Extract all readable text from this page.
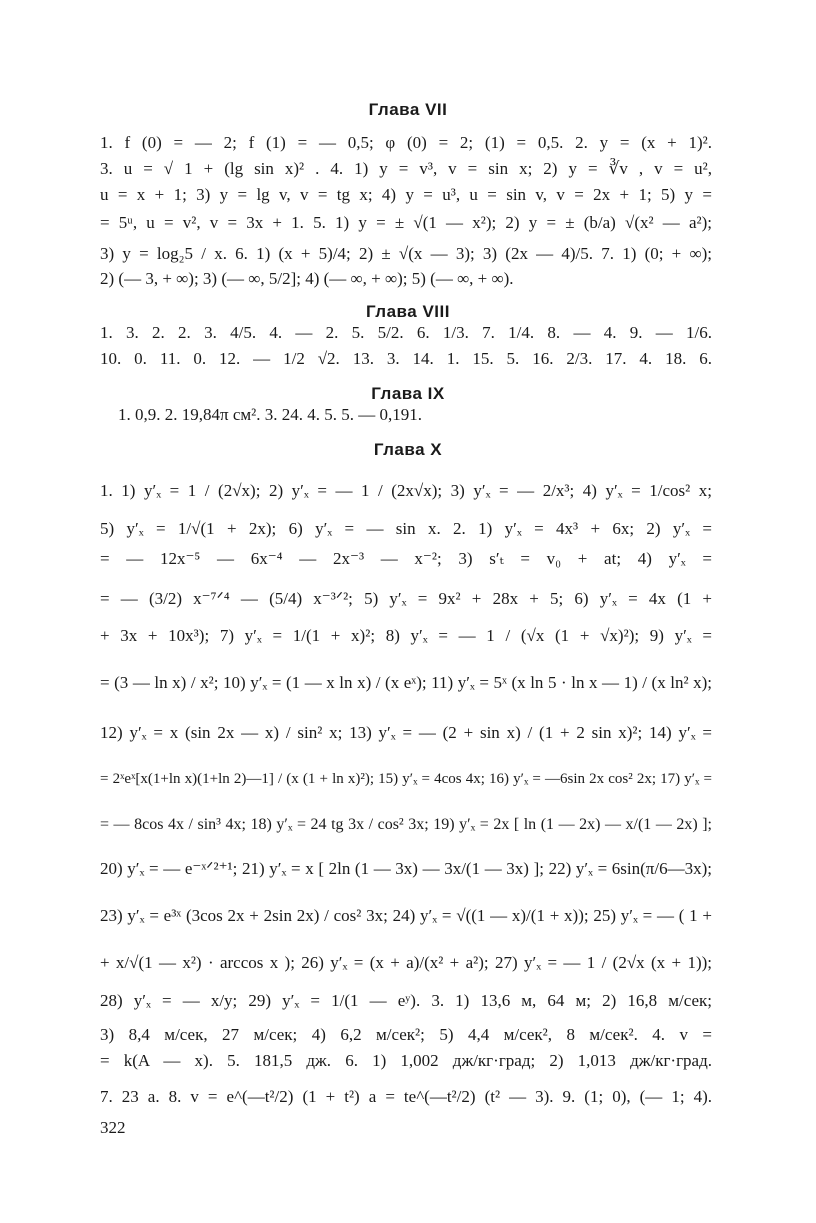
Глава VII
1. f (0) = — 2; f (1) = — 0,5; φ (0) = 2; (1) = 0,5. 2. y = (x + 1)².
3. u = √ 1 + (lg sin x)² . 4. 1) y = v³, v = sin x; 2) y = ∛v , v = u²,
u = x + 1; 3) y = lg v, v = tg x; 4) y = u³, u = sin v, v = 2x + 1; 5) y =
= 5ᵘ, u = v², v = 3x + 1. 5. 1) y = ± √(1 — x²); 2) y = ± (b/a) √(x² — a²);
3) y = log₂5 / x. 6. 1) (x + 5)/4; 2) ± √(x — 3); 3) (2x — 4)/5. 7. 1) (0; + ∞);
2) (— 3, + ∞); 3) (— ∞, 5/2]; 4) (— ∞, + ∞); 5) (— ∞, + ∞).
Глава VIII
1. 3. 2. 2. 3. 4/5. 4. — 2. 5. 5/2. 6. 1/3. 7. 1/4. 8. — 4. 9. — 1/6.
10. 0. 11. 0. 12. — 1/2 √2. 13. 3. 14. 1. 15. 5. 16. 2/3. 17. 4. 18. 6.
Глава IX
1. 0,9. 2. 19,84π см². 3. 24. 4. 5. 5. — 0,191.
Глава X
1. 1) y′ₓ = 1 / (2√x); 2) y′ₓ = — 1 / (2x√x); 3) y′ₓ = — 2/x³; 4) y′ₓ = 1/cos² x;
5) y′ₓ = 1/√(1 + 2x); 6) y′ₓ = — sin x. 2. 1) y′ₓ = 4x³ + 6x; 2) y′ₓ =
= — 12x⁻⁵ — 6x⁻⁴ — 2x⁻³ — x⁻²; 3) s′ₜ = v₀ + at; 4) y′ₓ =
= — (3/2) x⁻⁷ᐟ⁴ — (5/4) x⁻³ᐟ²; 5) y′ₓ = 9x² + 28x + 5; 6) y′ₓ = 4x (1 +
+ 3x + 10x³); 7) y′ₓ = 1/(1 + x)²; 8) y′ₓ = — 1 / (√x (1 + √x)²); 9) y′ₓ =
= (3 — ln x) / x²; 10) y′ₓ = (1 — x ln x) / (x eˣ); 11) y′ₓ = 5ˣ (x ln 5 · ln x — 1) / (x ln² x);
12) y′ₓ = x (sin 2x — x) / sin² x; 13) y′ₓ = — (2 + sin x) / (1 + 2 sin x)²; 14) y′ₓ =
= 2ˣeˣ[x(1+ln x)(1+ln 2)—1] / (x (1 + ln x)²); 15) y′ₓ = 4cos 4x; 16) y′ₓ = —6sin 2x cos² 2x; 17) y′ₓ =
= — 8cos 4x / sin³ 4x; 18) y′ₓ = 24 tg 3x / cos² 3x; 19) y′ₓ = 2x [ ln (1 — 2x) — x/(1 — 2x) ];
20) y′ₓ = — e⁻ˣᐟ²⁺¹; 21) y′ₓ = x [ 2ln (1 — 3x) — 3x/(1 — 3x) ]; 22) y′ₓ = 6sin(π/6—3x);
23) y′ₓ = e³ˣ (3cos 2x + 2sin 2x) / cos² 3x; 24) y′ₓ = √((1 — x)/(1 + x)); 25) y′ₓ = — ( 1 +
+ x/√(1 — x²) · arccos x ); 26) y′ₓ = (x + a)/(x² + a²); 27) y′ₓ = — 1 / (2√x (x + 1));
28) y′ₓ = — x/y; 29) y′ₓ = 1/(1 — eʸ). 3. 1) 13,6 м, 64 м; 2) 16,8 м/сек;
3) 8,4 м/сек, 27 м/сек; 4) 6,2 м/сек²; 5) 4,4 м/сек², 8 м/сек². 4. v =
= k(A — x). 5. 181,5 дж. 6. 1) 1,002 дж/кг·град; 2) 1,013 дж/кг·град.
7. 23 а. 8. v = e^(—t²/2) (1 + t²) a = te^(—t²/2) (t² — 3). 9. (1; 0), (— 1; 4).
322
